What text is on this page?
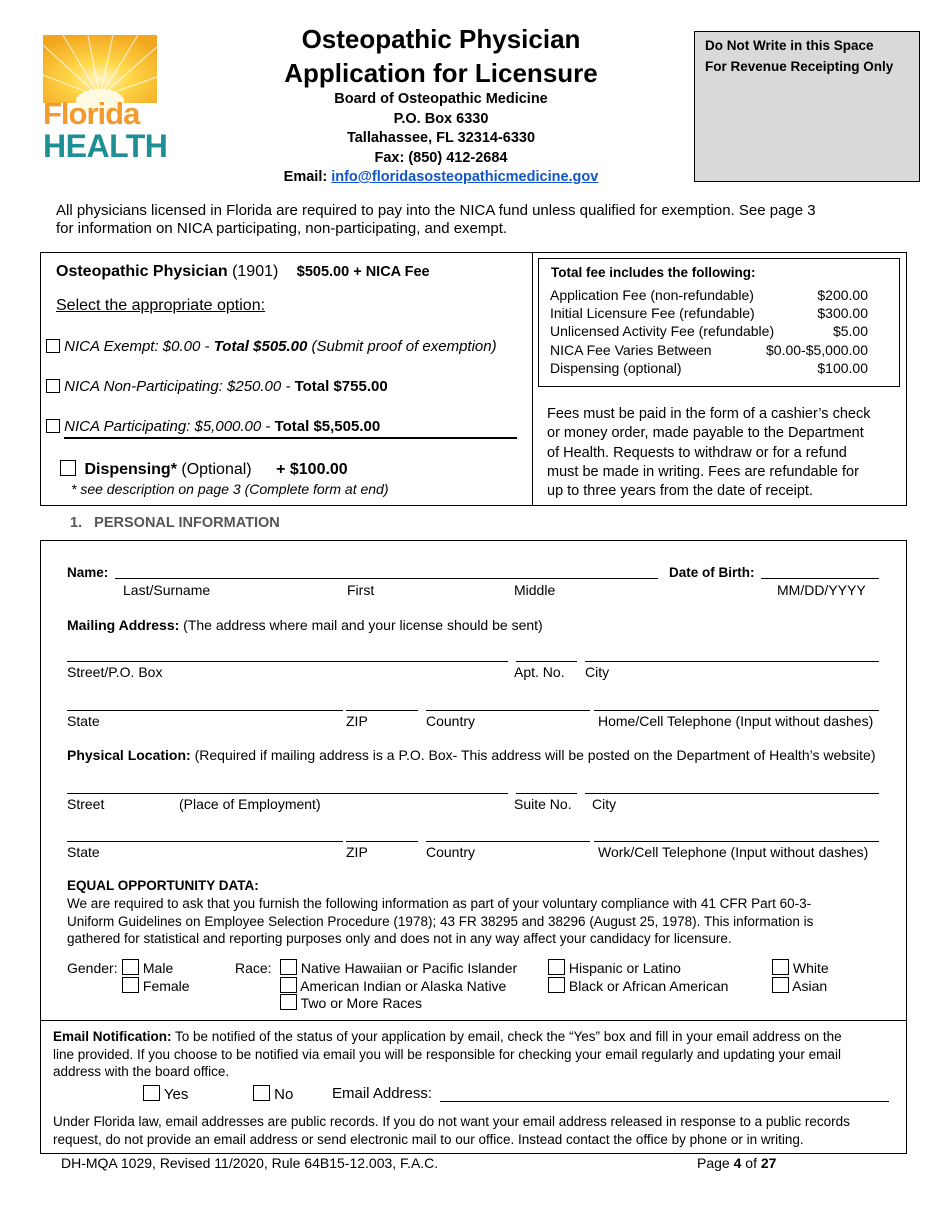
Florida
HEALTH
Osteopathic Physician
Application for Licensure
Board of Osteopathic Medicine
P.O. Box 6330
Tallahassee, FL 32314-6330
Fax: (850) 412-2684
Email: info@floridasosteopathicmedicine.gov
Do Not Write in this Space
For Revenue Receipting Only
All physicians licensed in Florida are required to pay into the NICA fund unless qualified for exemption. See page 3
for information on NICA participating, non-participating, and exempt.
Osteopathic Physician (1901) $505.00 + NICA Fee
Select the appropriate option:
NICA Exempt: $0.00 - Total $505.00 (Submit proof of exemption)
NICA Non-Participating: $250.00 - Total $755.00
NICA Participating: $5,000.00 - Total $5,505.00
Dispensing* (Optional) + $100.00
* see description on page 3 (Complete form at end)
Total fee includes the following:
Application Fee (non-refundable)	$200.00
Initial Licensure Fee (refundable)	$300.00
Unlicensed Activity Fee (refundable)	$5.00
NICA Fee Varies Between	$0.00-$5,000.00
Dispensing (optional)	$100.00
Fees must be paid in the form of a cashier’s check
or money order, made payable to the Department
of Health. Requests to withdraw or for a refund
must be made in writing. Fees are refundable for
up to three years from the date of receipt.
1.   PERSONAL INFORMATION
Name:	Date of Birth:
Last/Surname	First	Middle	MM/DD/YYYY
Mailing Address: (The address where mail and your license should be sent)
Street/P.O. Box	Apt. No. City
State	ZIP	Country	Home/Cell Telephone (Input without dashes)
Physical Location: (Required if mailing address is a P.O. Box- This address will be posted on the Department of Health’s website)
Street	(Place of Employment)	Suite No. City
State	ZIP	Country	Work/Cell Telephone (Input without dashes)
EQUAL OPPORTUNITY DATA:
We are required to ask that you furnish the following information as part of your voluntary compliance with 41 CFR Part 60-3-
Uniform Guidelines on Employee Selection Procedure (1978); 43 FR 38295 and 38296 (August 25, 1978). This information is
gathered for statistical and reporting purposes only and does not in any way affect your candidacy for licensure.
Gender:	Male
Female
Race:	Native Hawaiian or Pacific Islander
American Indian or Alaska Native
Two or More Races
Hispanic or Latino
Black or African American
White
Asian
Email Notification: To be notified of the status of your application by email, check the “Yes” box and fill in your email address on the
line provided. If you choose to be notified via email you will be responsible for checking your email regularly and updating your email
address with the board office.
Yes	No	Email Address:
Under Florida law, email addresses are public records. If you do not want your email address released in response to a public records
request, do not provide an email address or send electronic mail to our office. Instead contact the office by phone or in writing.
DH-MQA 1029, Revised 11/2020, Rule 64B15-12.003, F.A.C.	Page 4 of 27
